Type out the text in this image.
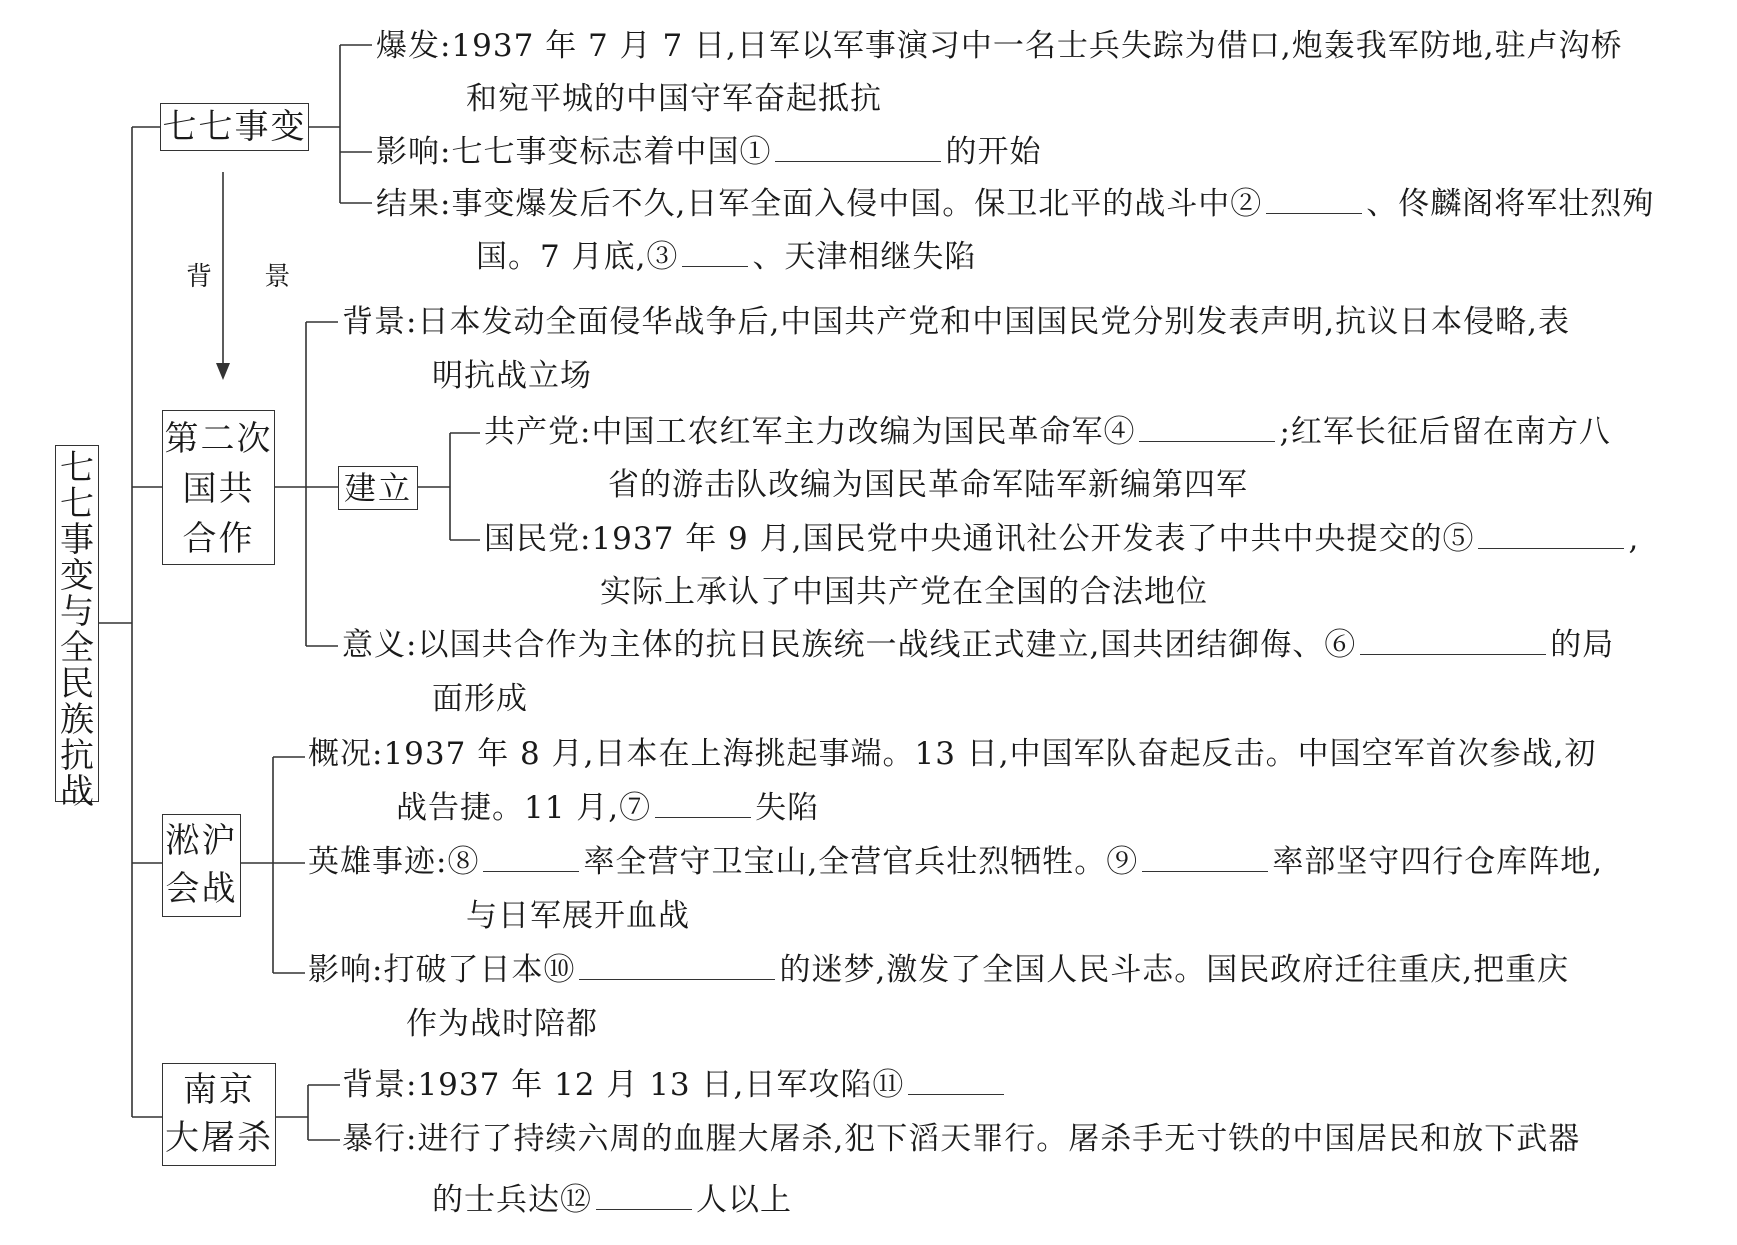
七七事变与全民族抗战
七七事变
爆发:1937 年 7 月 7 日,日军以军事演习中一名士兵失踪为借口,炮轰我军防地,驻卢沟桥
和宛平城的中国守军奋起抵抗
影响:七七事变标志着中国①	的开始
结果:事变爆发后不久,日军全面入侵中国。保卫北平的战斗中②	、佟麟阁将军壮烈殉
国。7 月底,③ 、天津相继失陷
背 景
第二次
国共
合作
背景:日本发动全面侵华战争后,中国共产党和中国国民党分别发表声明,抗议日本侵略,表
明抗战立场
建立
共产党:中国工农红军主力改编为国民革命军④	;红军长征后留在南方八
省的游击队改编为国民革命军陆军新编第四军
国民党:1937 年 9 月,国民党中央通讯社公开发表了中共中央提交的⑤	,
实际上承认了中国共产党在全国的合法地位
意义:以国共合作为主体的抗日民族统一战线正式建立,国共团结御侮、⑥	的局
面形成
淞沪
会战
概况:1937 年 8 月,日本在上海挑起事端。13 日,中国军队奋起反击。中国空军首次参战,初
战告捷。11 月,⑦	失陷
英雄事迹:⑧	率全营守卫宝山,全营官兵壮烈牺牲。⑨	率部坚守四行仓库阵地,
与日军展开血战
影响:打破了日本⑩	的迷梦,激发了全国人民斗志。国民政府迁往重庆,把重庆
作为战时陪都
南京
大屠杀
背景:1937 年 12 月 13 日,日军攻陷⑪
暴行:进行了持续六周的血腥大屠杀,犯下滔天罪行。屠杀手无寸铁的中国居民和放下武器
的士兵达⑫	人以上
